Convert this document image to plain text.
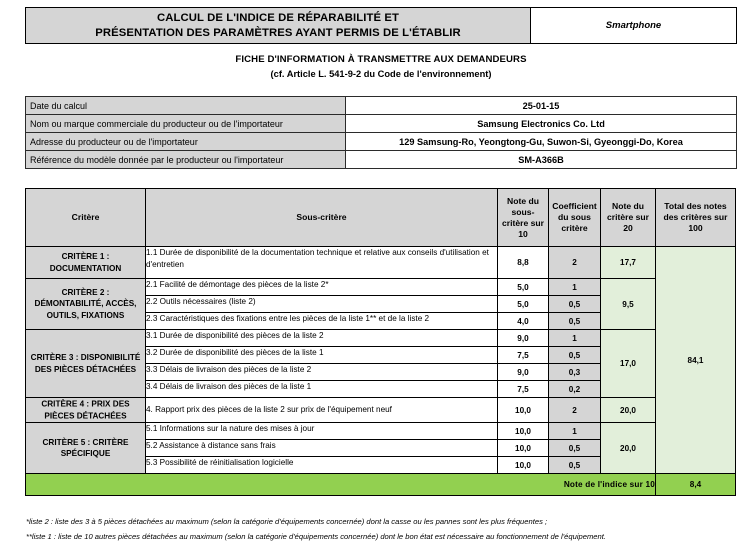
CALCUL DE L'INDICE DE RÉPARABILITÉ ET
PRÉSENTATION DES PARAMÈTRES AYANT PERMIS DE L'ÉTABLIR
Smartphone
FICHE D'INFORMATION À TRANSMETTRE AUX DEMANDEURS
(cf. Article L. 541-9-2 du Code de l'environnement)
Date du calcul	25-01-15
Nom ou marque commerciale du producteur ou de l'importateur	Samsung Electronics Co. Ltd
Adresse du producteur ou de l'importateur	129 Samsung-Ro, Yeongtong-Gu, Suwon-Si, Gyeonggi-Do, Korea
Référence du modèle donnée par le producteur ou l'importateur	SM-A366B
Critère	Sous-critère	Note du sous-critère sur 10	Coefficient du sous critère	Note du critère sur 20	Total des notes des critères sur 100
CRITÈRE 1 : DOCUMENTATION	1.1 Durée de disponibilité de la documentation technique et relative aux conseils d'utilisation et d'entretien	8,8	2	17,7	84,1
CRITÈRE 2 : DÉMONTABILITÉ, ACCÈS, OUTILS, FIXATIONS	2.1 Facilité de démontage des pièces de la liste 2*	5,0	1	9,5	
	2.2 Outils nécessaires (liste 2)	5,0	0,5		
	2.3 Caractéristiques des fixations entre les pièces de la liste 1** et de la liste 2	4,0	0,5		
CRITÈRE 3 : DISPONIBILITÉ DES PIÈCES DÉTACHÉES	3.1 Durée de disponibilité des pièces de la liste 2	9,0	1	17,0	
	3.2 Durée de disponibilité des pièces de la liste 1	7,5	0,5		
	3.3 Délais de livraison des pièces de la liste 2	9,0	0,3		
	3.4 Délais de livraison des pièces de la liste 1	7,5	0,2		

CRITÈRE 4 : PRIX DES PIÈCES DÉTACHÉES	4. Rapport prix des pièces de la liste 2 sur prix de l'équipement neuf	10,0	2	20,0	
CRITÈRE 5 : CRITÈRE SPÉCIFIQUE	5.1 Informations sur la nature des mises à jour	10,0	1	20,0	
	5.2 Assistance à distance sans frais	10,0	0,5		
	5.3 Possibilité de réinitialisation logicielle	10,0	0,5		
Note de l'indice sur 10					8,4
*liste 2 : liste des 3 à 5 pièces détachées au maximum (selon la catégorie d'équipements concernée) dont la casse ou les pannes sont les plus fréquentes ;
**liste 1 : liste de 10 autres pièces détachées au maximum (selon la catégorie d'équipements concernée) dont le bon état est nécessaire au fonctionnement de l'équipement.
